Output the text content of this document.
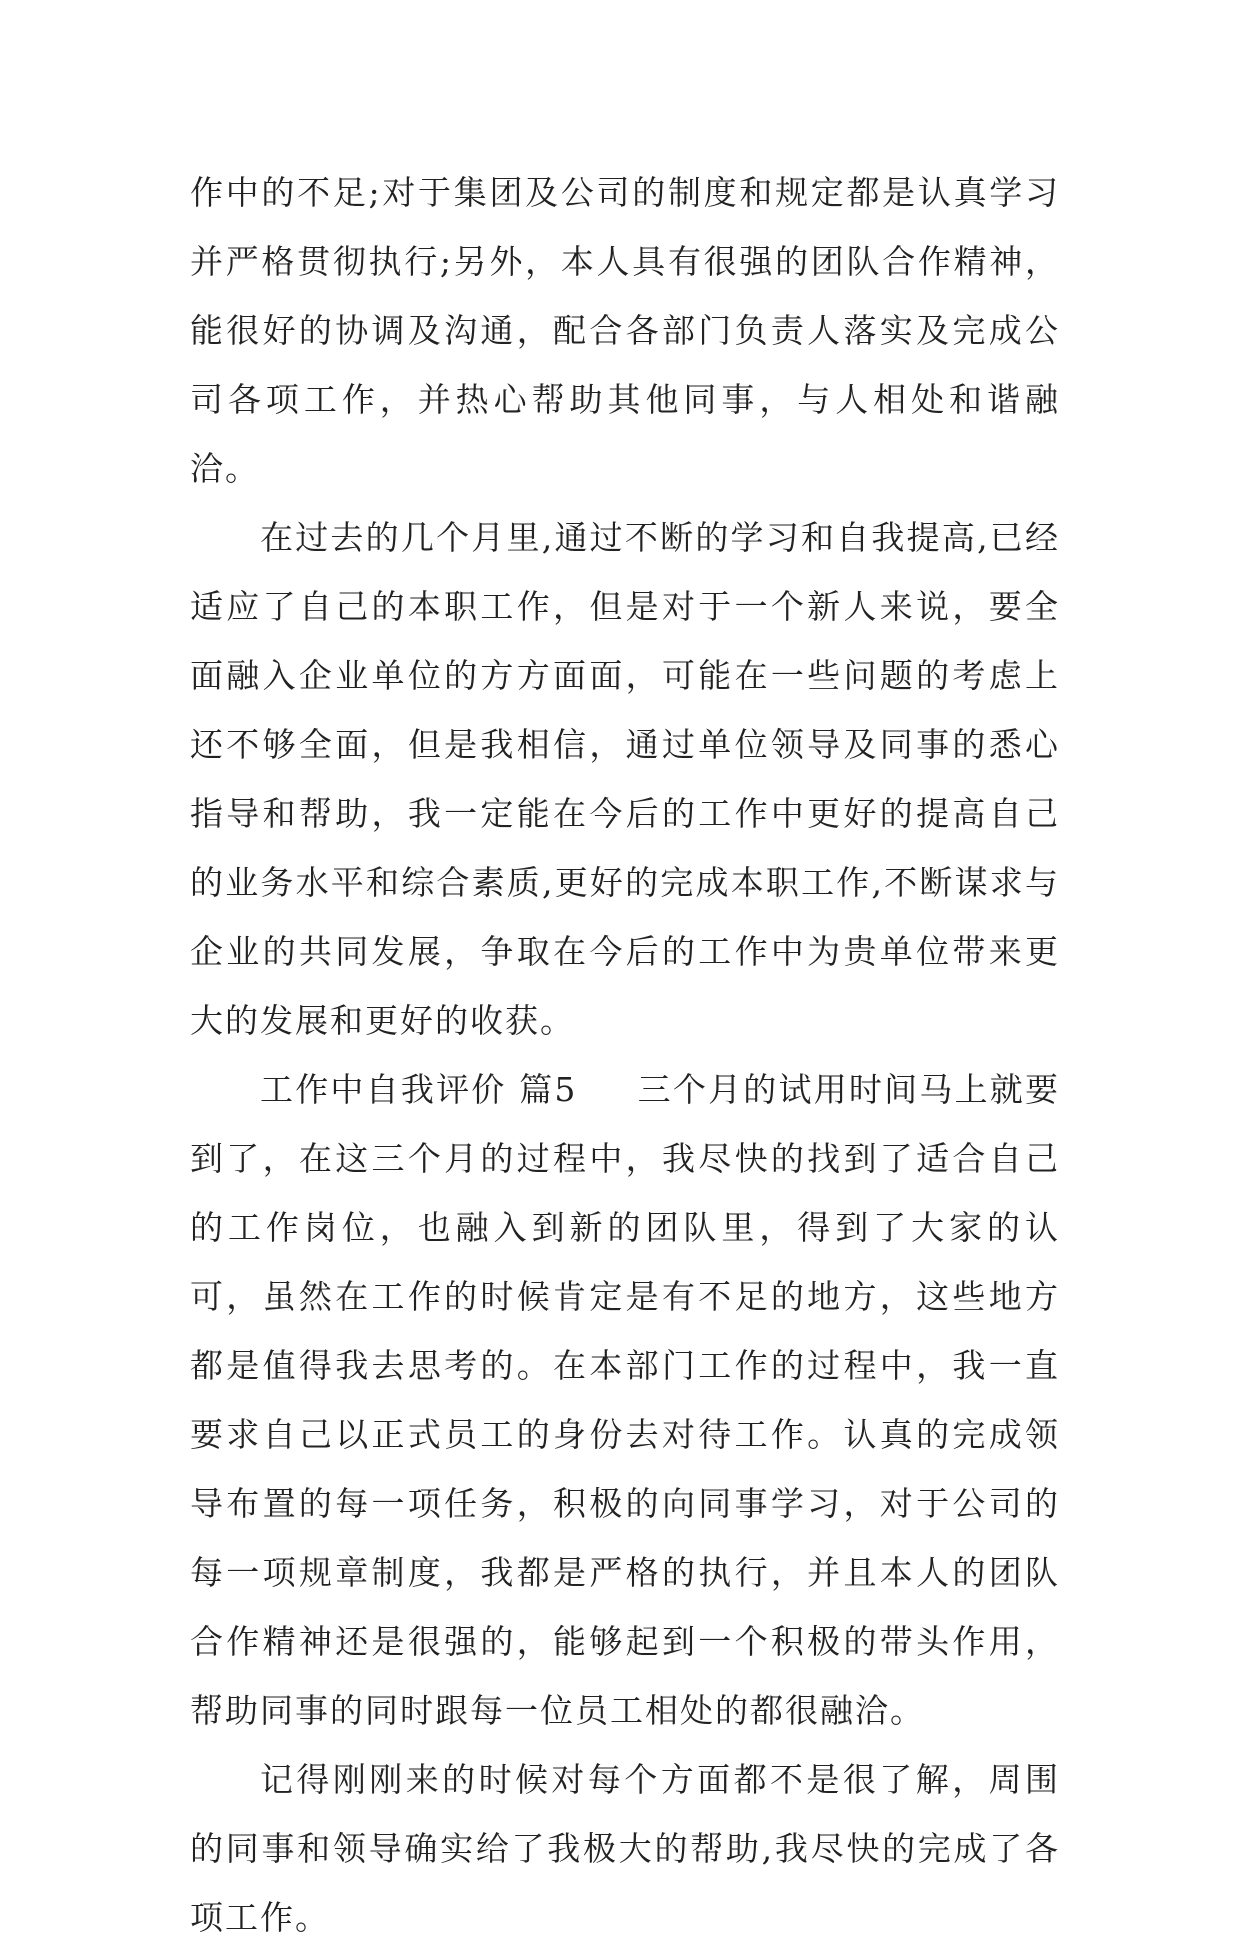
作中的不足;对于集团及公司的制度和规定都是认真学习并严格贯彻执行;另外，本人具有很强的团队合作精神，能很好的协调及沟通，配合各部门负责人落实及完成公司各项工作，并热心帮助其他同事，与人相处和谐融洽。

在过去的几个月里,通过不断的学习和自我提高,已经适应了自己的本职工作，但是对于一个新人来说，要全面融入企业单位的方方面面，可能在一些问题的考虑上还不够全面，但是我相信，通过单位领导及同事的悉心指导和帮助，我一定能在今后的工作中更好的提高自己的业务水平和综合素质,更好的完成本职工作,不断谋求与企业的共同发展，争取在今后的工作中为贵单位带来更大的发展和更好的收获。

工作中自我评价 篇5 三个月的试用时间马上就要到了，在这三个月的过程中，我尽快的找到了适合自己的工作岗位，也融入到新的团队里，得到了大家的认可，虽然在工作的时候肯定是有不足的地方，这些地方都是值得我去思考的。在本部门工作的过程中，我一直要求自己以正式员工的身份去对待工作。认真的完成领导布置的每一项任务，积极的向同事学习，对于公司的每一项规章制度，我都是严格的执行，并且本人的团队合作精神还是很强的，能够起到一个积极的带头作用，帮助同事的同时跟每一位员工相处的都很融洽。

记得刚刚来的时候对每个方面都不是很了解，周围的同事和领导确实给了我极大的帮助,我尽快的完成了各项工作。
